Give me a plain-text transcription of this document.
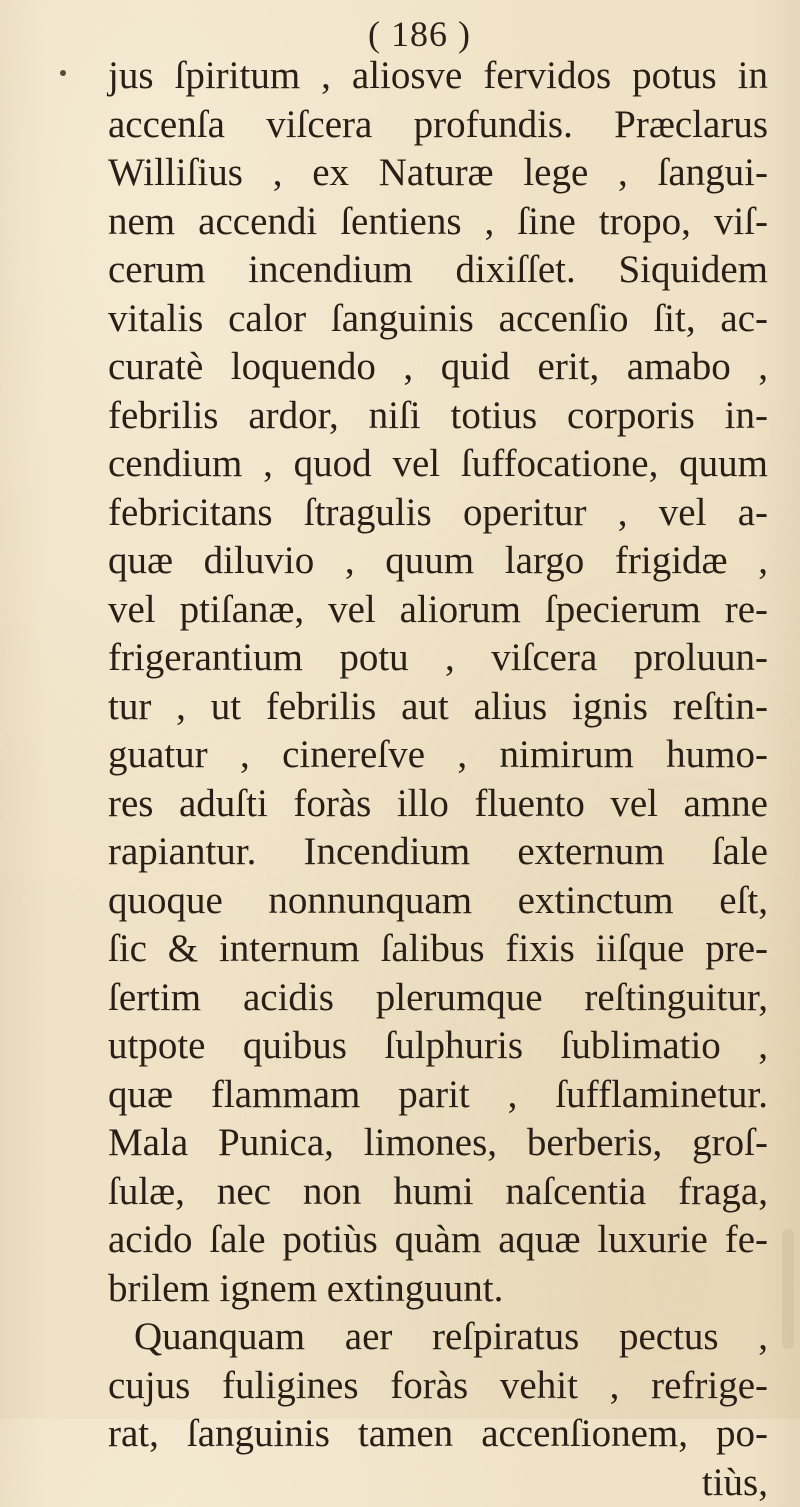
( 186 )
jus ſpiritum , aliosve fervidos potus in
accenſa viſcera profundis. Præclarus
Williſius , ex Naturæ lege , ſangui-
nem accendi ſentiens , ſine tropo, viſ-
cerum incendium dixiſſet. Siquidem
vitalis calor ſanguinis accenſio ſit, ac-
curatè loquendo , quid erit, amabo ,
febrilis ardor, niſi totius corporis in-
cendium , quod vel ſuffocatione, quum
febricitans ſtragulis operitur , vel a-
quæ diluvio , quum largo frigidæ ,
vel ptiſanæ, vel aliorum ſpecierum re-
frigerantium potu , viſcera proluun-
tur , ut febrilis aut alius ignis reſtin-
guatur , cinereſve , nimirum humo-
res aduſti foràs illo fluento vel amne
rapiantur. Incendium externum ſale
quoque nonnunquam extinctum eſt,
ſic & internum ſalibus fixis iiſque pre-
ſertim acidis plerumque reſtinguitur,
utpote quibus ſulphuris ſublimatio ,
quæ flammam parit , ſufflaminetur.
Mala Punica, limones, berberis, groſ-
ſulæ, nec non humi naſcentia fraga,
acido ſale potiùs quàm aquæ luxurie fe-
brilem ignem extinguunt.
Quanquam aer reſpiratus pectus ,
cujus fuligines foràs vehit , refrige-
rat, ſanguinis tamen accenſionem, po-
tiùs,
